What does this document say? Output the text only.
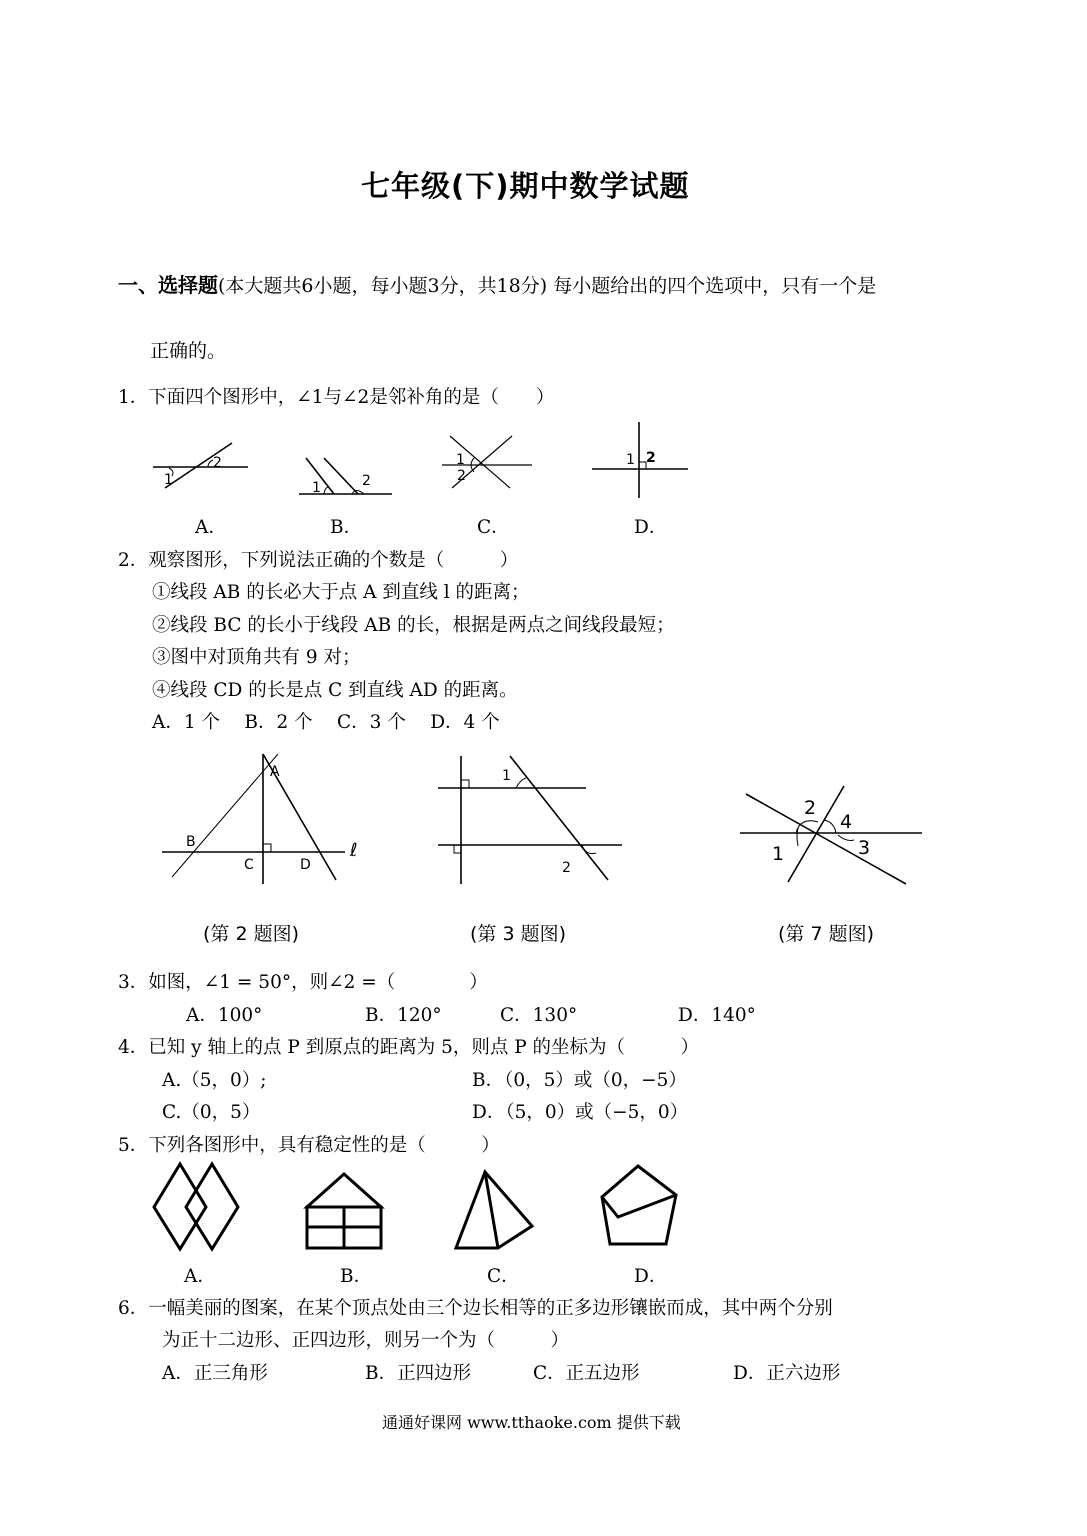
七年级(下)期中数学试题
一、选择题(本大题共6小题，每小题3分，共18分) 每小题给出的四个选项中，只有一个是
正确的。
1．下面四个图形中，∠1与∠2是邻补角的是（　　）
1
2
1	2
1
2
1 2
A．	B．	C．	D．
2．观察图形，下列说法正确的个数是（　　　）
①线段 AB 的长必大于点 A 到直线 l 的距离；
②线段 BC 的长小于线段 AB 的长，根据是两点之间线段最短；
③图中对顶角共有 9 对；
④线段 CD 的长是点 C 到直线 AD 的距离。
A．1 个　 B．2 个　 C．3 个　 D．4 个
A
B
C	D
ℓ
1
2
1
2
3
4
(第 2 题图)	(第 3 题图)	(第 7 题图)
3．如图，∠1 = 50°，则∠2 =（　　　　）
A．100°	B．120°	C．130°	D．140°
4．已知 y 轴上的点 P 到原点的距离为 5，则点 P 的坐标为（　　　）
A.（5，0）;	B．（0，5）或（0，−5）
C.（0，5）	D．（5，0）或（−5，0）
5．下列各图形中，具有稳定性的是（　　　）
A．	B．	C．	D．
6．一幅美丽的图案，在某个顶点处由三个边长相等的正多边形镶嵌而成，其中两个分别
为正十二边形、正四边形，则另一个为（　　　）
A．正三角形	B．正四边形	C．正五边形	D．正六边形
通通好课网 www.tthaoke.com 提供下载
